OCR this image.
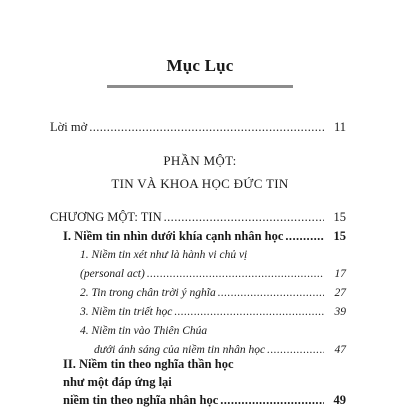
Mục Lục
Lời mở .....	11
PHẦN MỘT:
TIN VÀ KHOA HỌC ĐỨC TIN
CHƯƠNG MỘT: TIN .....	15
I. Niềm tin nhìn dưới khía cạnh nhân học .....	15
1. Niềm tin xét như là hành vi chủ vị
(personal act) .....	17
2. Tin trong chân trời ý nghĩa .....	27
3. Niềm tin triết học .....	39
4. Niềm tin vào Thiên Chúa
dưới ánh sáng của niềm tin nhân học .....	47
II. Niềm tin theo nghĩa thần học
như một đáp ứng lại
niềm tin theo nghĩa nhân học .....	49
